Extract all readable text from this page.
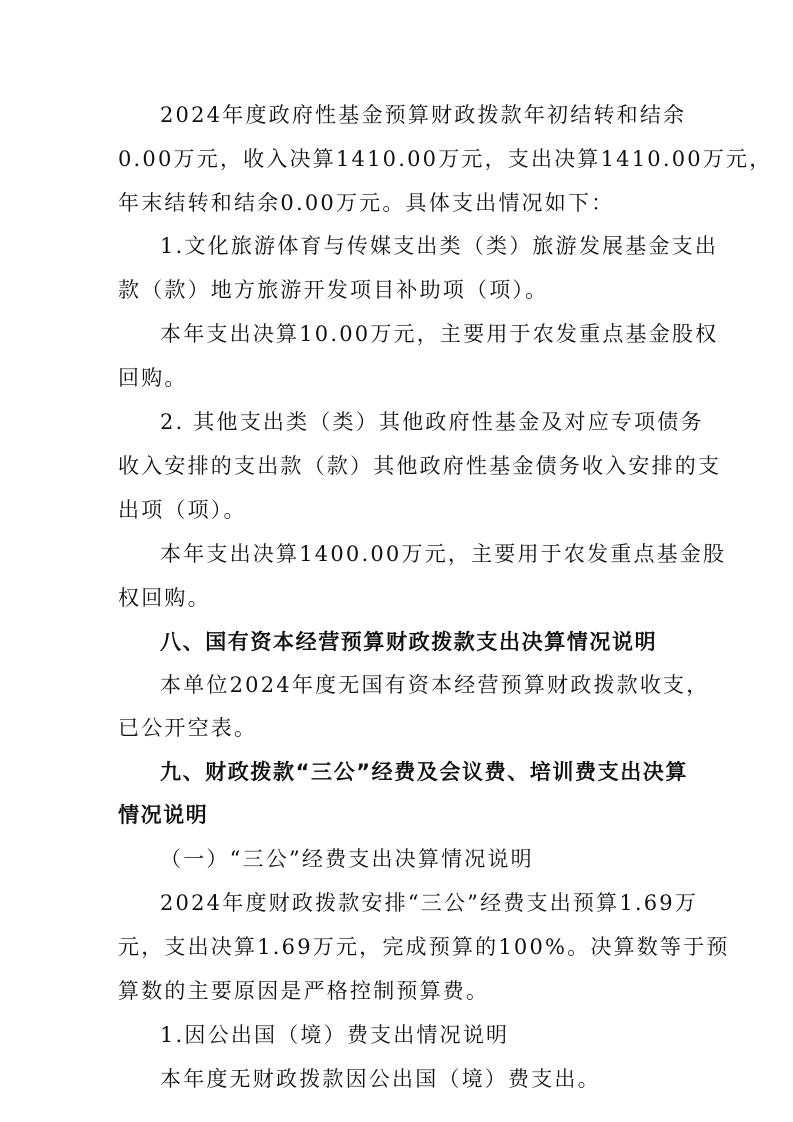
2024年度政府性基金预算财政拨款年初结转和结余
0.00万元，收入决算1410.00万元，支出决算1410.00万元，
年末结转和结余0.00万元。具体支出情况如下：
1.文化旅游体育与传媒支出类（类）旅游发展基金支出
款（款）地方旅游开发项目补助项（项）。
本年支出决算10.00万元，主要用于农发重点基金股权
回购。
2. 其他支出类（类）其他政府性基金及对应专项债务
收入安排的支出款（款）其他政府性基金债务收入安排的支
出项（项）。
本年支出决算1400.00万元，主要用于农发重点基金股
权回购。
八、国有资本经营预算财政拨款支出决算情况说明
本单位2024年度无国有资本经营预算财政拨款收支，
已公开空表。
九、财政拨款“三公”经费及会议费、培训费支出决算
情况说明
（一）“三公”经费支出决算情况说明
2024年度财政拨款安排“三公”经费支出预算1.69万
元，支出决算1.69万元，完成预算的100%。决算数等于预
算数的主要原因是严格控制预算费。
1.因公出国（境）费支出情况说明
本年度无财政拨款因公出国（境）费支出。
